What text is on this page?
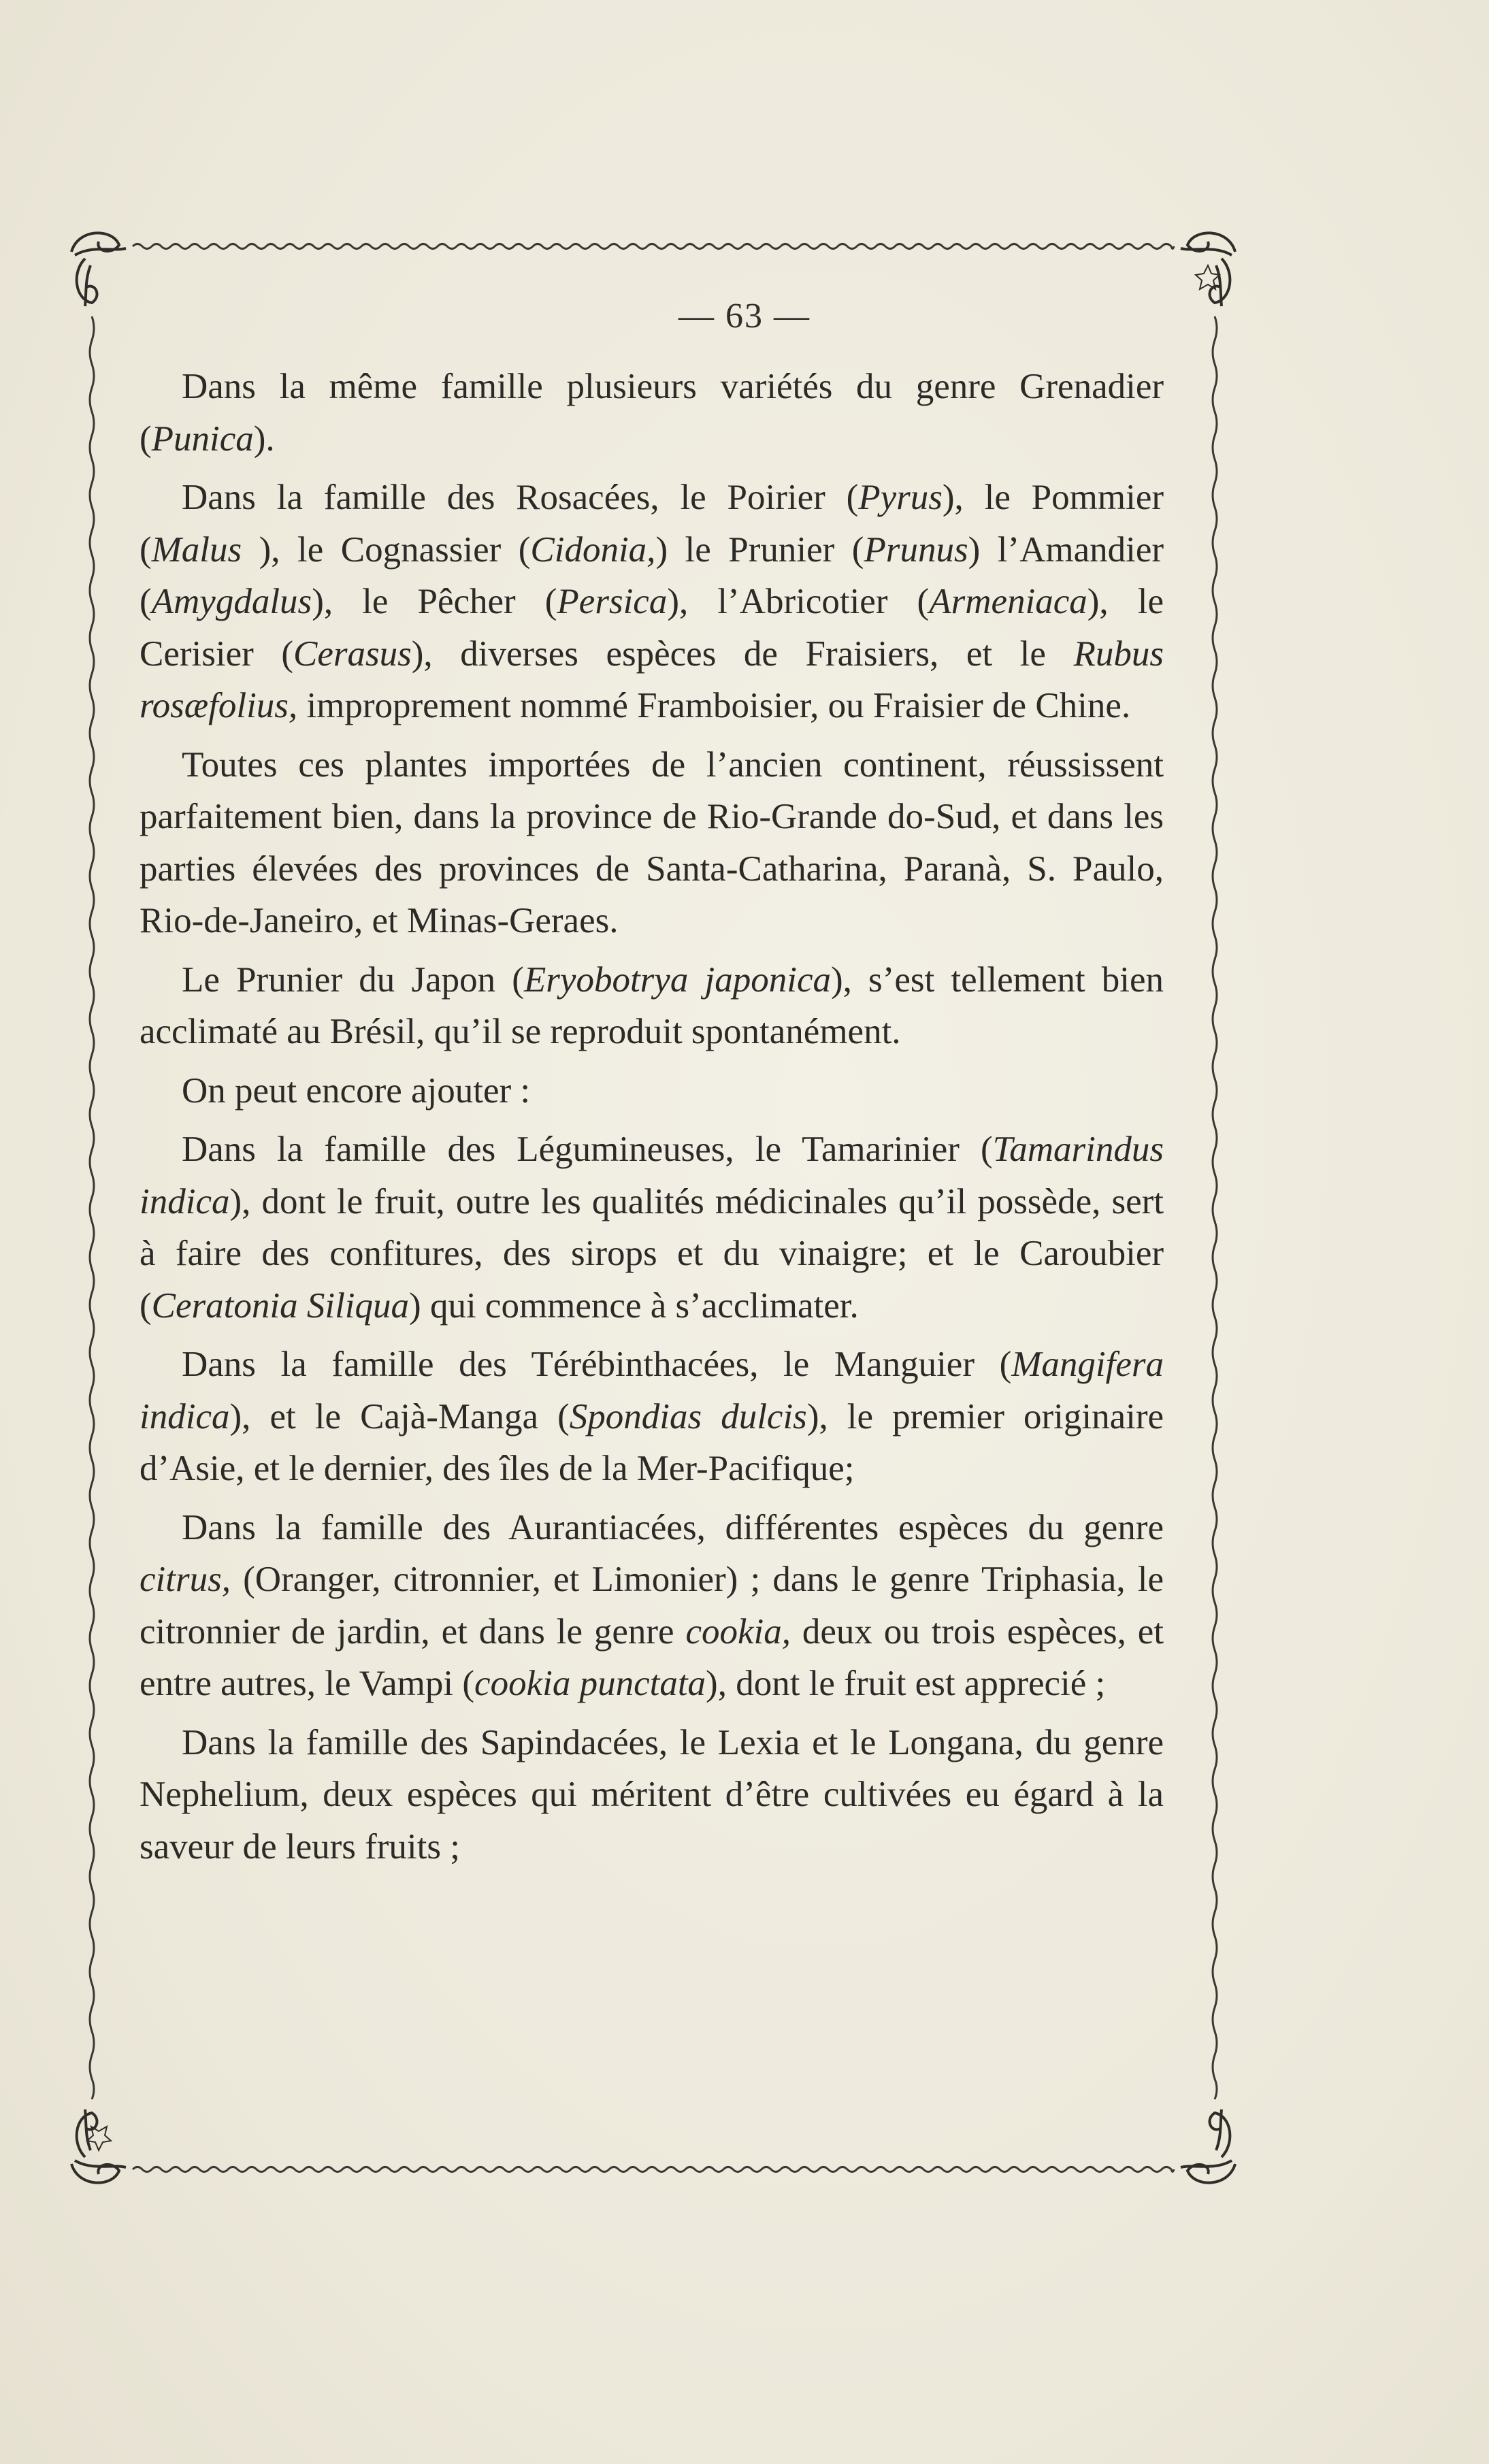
— 63 —

Dans la même famille plusieurs variétés du genre Grenadier (Punica).

Dans la famille des Rosacées, le Poirier (Pyrus), le Pommier (Malus ), le Cognassier (Cidonia,) le Prunier (Prunus) l’Amandier (Amygdalus), le Pêcher (Persica), l’Abricotier (Armeniaca), le Cerisier (Cerasus), diverses espèces de Fraisiers, et le Rubus rosæfolius, improprement nommé Framboisier, ou Fraisier de Chine.

Toutes ces plantes importées de l’ancien continent, réussissent parfaitement bien, dans la province de Rio-Grande do-Sud, et dans les parties élevées des provinces de Santa-Catharina, Paranà, S. Paulo, Rio-de-Janeiro, et Minas-Geraes.

Le Prunier du Japon (Eryobotrya japonica), s’est tellement bien acclimaté au Brésil, qu’il se reproduit spontanément.

On peut encore ajouter :

Dans la famille des Légumineuses, le Tamarinier (Tamarindus indica), dont le fruit, outre les qualités médicinales qu’il possède, sert à faire des confitures, des sirops et du vinaigre; et le Caroubier (Ceratonia Siliqua) qui commence à s’acclimater.

Dans la famille des Térébinthacées, le Manguier (Mangifera indica), et le Cajà-Manga (Spondias dulcis), le premier originaire d’Asie, et le dernier, des îles de la Mer-Pacifique;

Dans la famille des Aurantiacées, différentes espèces du genre citrus, (Oranger, citronnier, et Limonier) ; dans le genre Triphasia, le citronnier de jardin, et dans le genre cookia, deux ou trois espèces, et entre autres, le Vampi (cookia punctata), dont le fruit est apprecié ;

Dans la famille des Sapindacées, le Lexia et le Longana, du genre Nephelium, deux espèces qui méritent d’être cultivées eu égard à la saveur de leurs fruits ;
